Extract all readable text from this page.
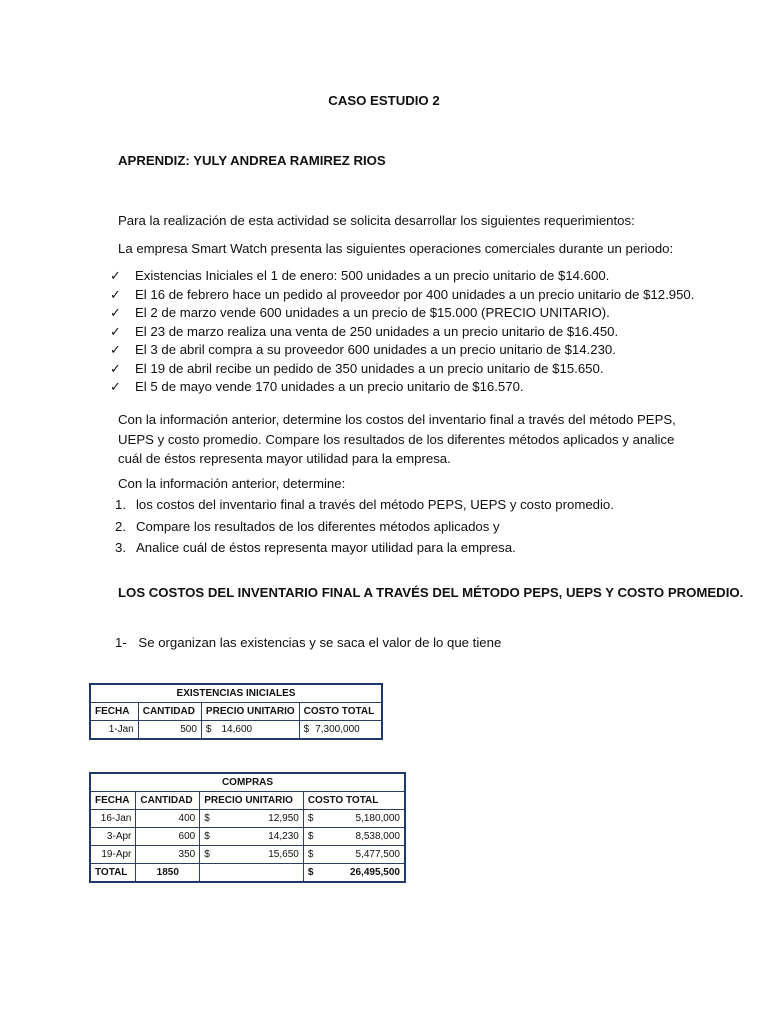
CASO ESTUDIO 2
APRENDIZ: YULY ANDREA RAMIREZ RIOS
Para la realización de esta actividad se solicita desarrollar los siguientes requerimientos:
La empresa Smart Watch presenta las siguientes operaciones comerciales durante un periodo:
✓ Existencias Iniciales el 1 de enero: 500 unidades a un precio unitario de $14.600.
✓ El 16 de febrero hace un pedido al proveedor por 400 unidades a un precio unitario de $12.950.
✓ El 2 de marzo vende 600 unidades a un precio de $15.000 (PRECIO UNITARIO).
✓ El 23 de marzo realiza una venta de 250 unidades a un precio unitario de $16.450.
✓ El 3 de abril compra a su proveedor 600 unidades a un precio unitario de $14.230.
✓ El 19 de abril recibe un pedido de 350 unidades a un precio unitario de $15.650.
✓ El 5 de mayo vende 170 unidades a un precio unitario de $16.570.
Con la información anterior, determine los costos del inventario final a través del método PEPS, UEPS y costo promedio. Compare los resultados de los diferentes métodos aplicados y analice cuál de éstos representa mayor utilidad para la empresa.
Con la información anterior, determine:
1. los costos del inventario final a través del método PEPS, UEPS y costo promedio.
2. Compare los resultados de los diferentes métodos aplicados y
3. Analice cuál de éstos representa mayor utilidad para la empresa.
LOS COSTOS DEL INVENTARIO FINAL A TRAVÉS DEL MÉTODO PEPS, UEPS Y COSTO PROMEDIO.
1- Se organizan las existencias y se saca el valor de lo que tiene
EXISTENCIAS INICIALES			
FECHA	CANTIDAD	PRECIO UNITARIO	COSTO TOTAL
1-Jan	500	$ 14,600	$ 7,300,000
COMPRAS			
FECHA	CANTIDAD	PRECIO UNITARIO	COSTO TOTAL
16-Jan	400	$ 12,950	$ 5,180,000

3-Apr	600	$ 14,230	$ 8,538,000

19-Apr	350	$ 15,650	$ 5,477,500

TOTAL	1850		$ 26,495,500
